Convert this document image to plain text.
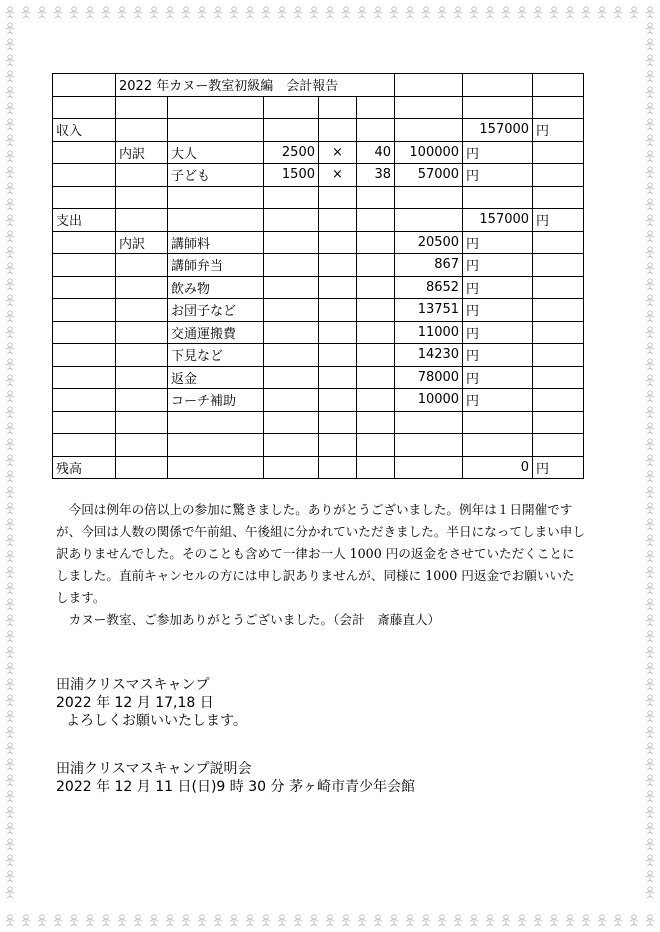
	2022 年カヌー教室初級編　会計報告							

収入							157000	円
	内訳	大人	2500	×	40	100000	円	
		子ども	1500	×	38	57000	円	

支出							157000	円
	内訳	講師料				20500	円	
		講師弁当				867	円	
		飲み物				8652	円	
		お団子など				13751	円	
		交通運搬費				11000	円	
		下見など				14230	円	
		返金				78000	円	
		コーチ補助				10000	円	

残高							0	円

　今回は例年の倍以上の参加に驚きました。ありがとうございました。例年は１日開催ですが、今回は人数の関係で午前組、午後組に分かれていただきました。半日になってしまい申し訳ありませんでした。そのことも含めて一律お一人 1000 円の返金をさせていただくことにしました。直前キャンセルの方には申し訳ありませんが、同様に 1000 円返金でお願いいたします。

　カヌー教室、ご参加ありがとうございました。（会計　斎藤直人）

田浦クリスマスキャンプ
2022 年 12 月 17,18 日
よろしくお願いいたします。
田浦クリスマスキャンプ説明会
2022 年 12 月 11 日(日)9 時 30 分 茅ヶ崎市青少年会館
